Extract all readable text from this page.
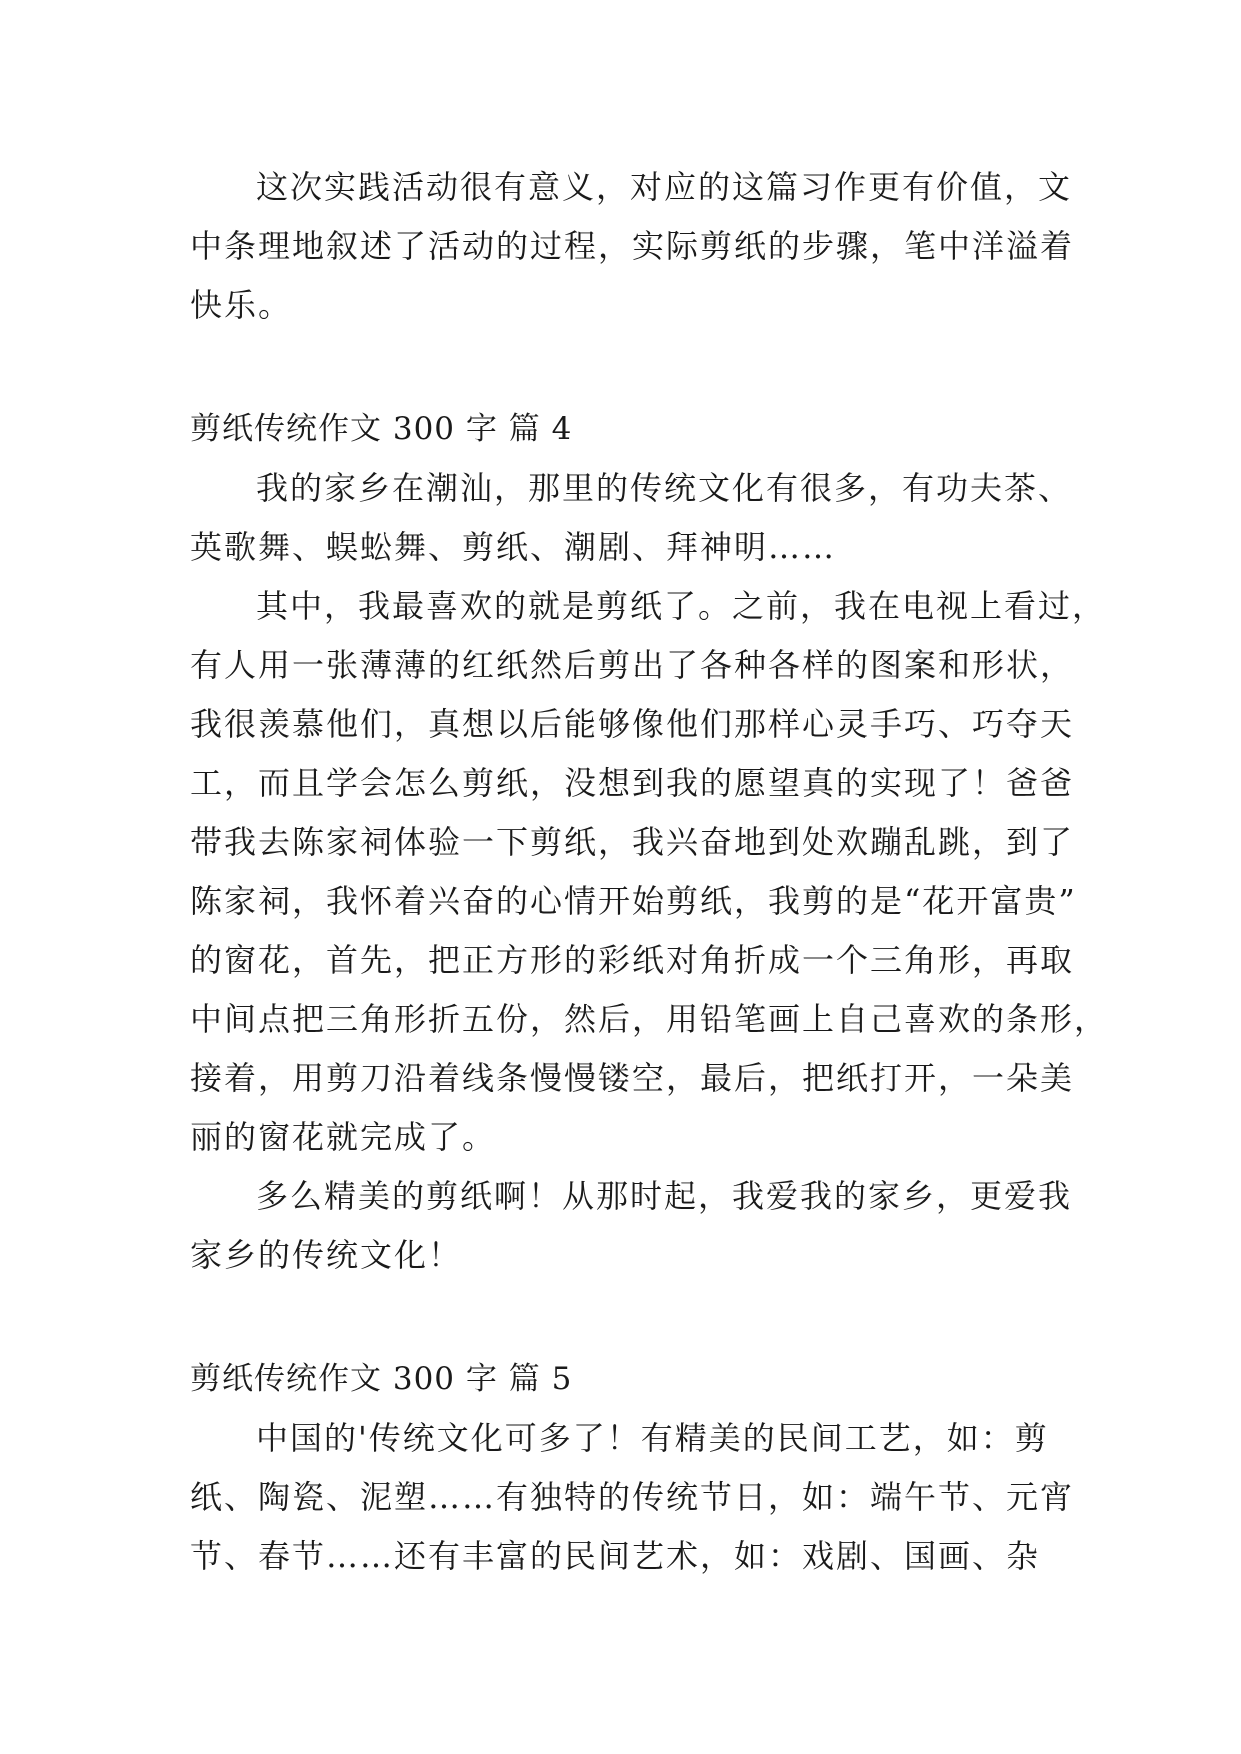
这次实践活动很有意义，对应的这篇习作更有价值，文
中条理地叙述了活动的过程，实际剪纸的步骤，笔中洋溢着
快乐。
剪纸传统作文 300 字 篇 4
我的家乡在潮汕，那里的传统文化有很多，有功夫茶、
英歌舞、蜈蚣舞、剪纸、潮剧、拜神明……
其中，我最喜欢的就是剪纸了。之前，我在电视上看过，
有人用一张薄薄的红纸然后剪出了各种各样的图案和形状，
我很羡慕他们，真想以后能够像他们那样心灵手巧、巧夺天
工，而且学会怎么剪纸，没想到我的愿望真的实现了！爸爸
带我去陈家祠体验一下剪纸，我兴奋地到处欢蹦乱跳，到了
陈家祠，我怀着兴奋的心情开始剪纸，我剪的是“花开富贵”
的窗花，首先，把正方形的彩纸对角折成一个三角形，再取
中间点把三角形折五份，然后，用铅笔画上自己喜欢的条形，
接着，用剪刀沿着线条慢慢镂空，最后，把纸打开，一朵美
丽的窗花就完成了。
多么精美的剪纸啊！从那时起，我爱我的家乡，更爱我
家乡的传统文化！
剪纸传统作文 300 字 篇 5
中国的'传统文化可多了！有精美的民间工艺，如：剪
纸、陶瓷、泥塑……有独特的传统节日，如：端午节、元宵
节、春节……还有丰富的民间艺术，如：戏剧、国画、杂
